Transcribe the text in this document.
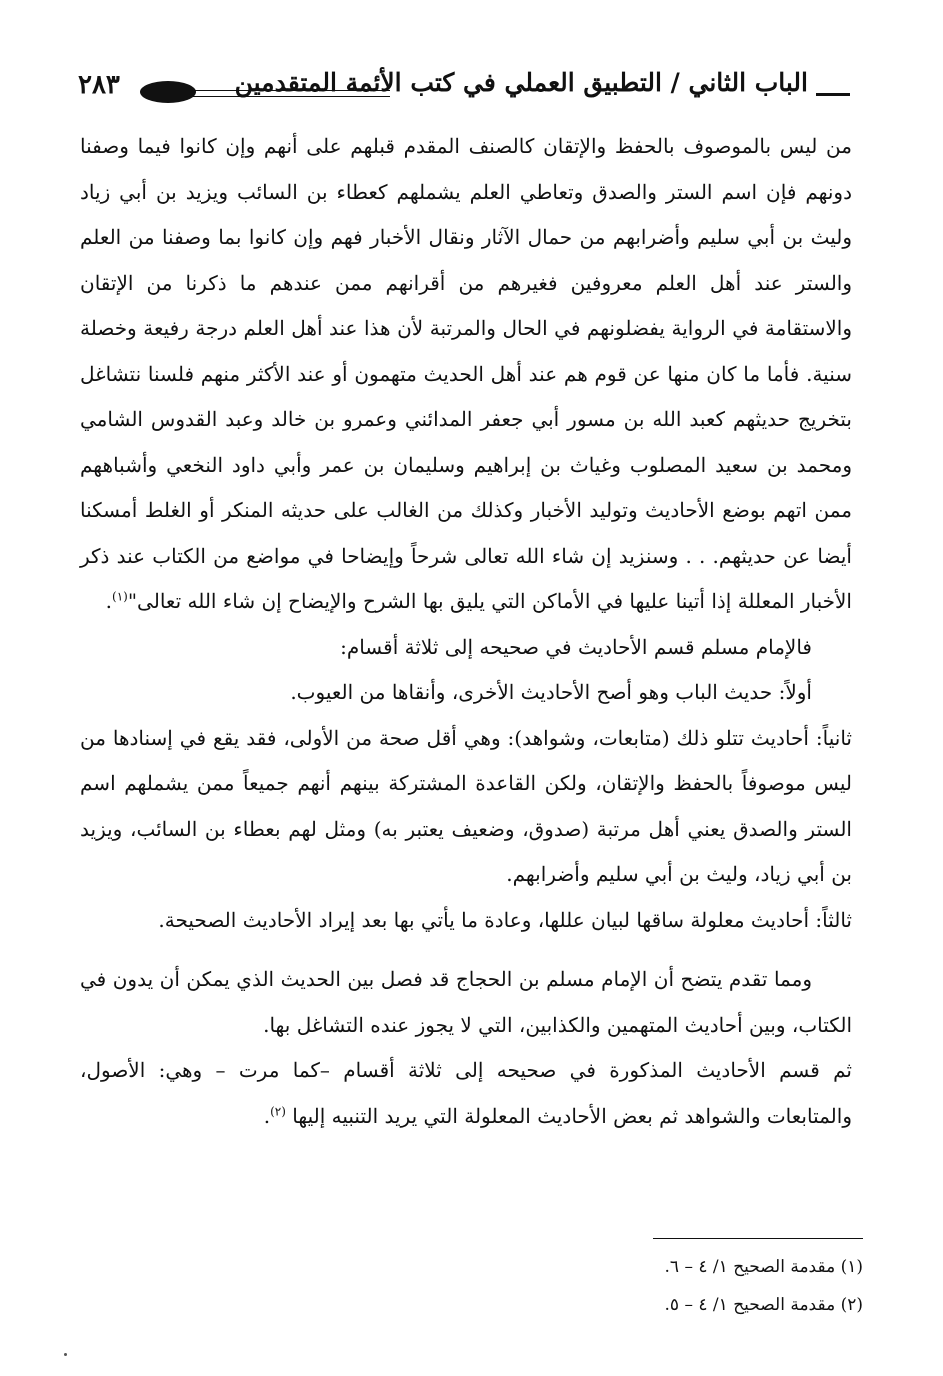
الباب الثاني / التطبيق العملي في كتب الأئمة المتقدمين
٢٨٣

من ليس بالموصوف بالحفظ والإتقان كالصنف المقدم قبلهم على أنهم وإن كانوا فيما وصفنا دونهم فإن اسم الستر والصدق وتعاطي العلم يشملهم كعطاء بن السائب ويزيد بن أبي زياد وليث بن أبي سليم وأضرابهم من حمال الآثار ونقال الأخبار فهم وإن كانوا بما وصفنا من العلم والستر عند أهل العلم معروفين فغيرهم من أقرانهم ممن عندهم ما ذكرنا من الإتقان والاستقامة في الرواية يفضلونهم في الحال والمرتبة لأن هذا عند أهل العلم درجة رفيعة وخصلة سنية. فأما ما كان منها عن قوم هم عند أهل الحديث متهمون أو عند الأكثر منهم فلسنا نتشاغل بتخريج حديثهم كعبد الله بن مسور أبي جعفر المدائني وعمرو بن خالد وعبد القدوس الشامي ومحمد بن سعيد المصلوب وغياث بن إبراهيم وسليمان بن عمر وأبي داود النخعي وأشباههم ممن اتهم بوضع الأحاديث وتوليد الأخبار وكذلك من الغالب على حديثه المنكر أو الغلط أمسكنا أيضا عن حديثهم. . . وسنزيد إن شاء الله تعالى شرحاً وإيضاحا في مواضع من الكتاب عند ذكر الأخبار المعللة إذا أتينا عليها في الأماكن التي يليق بها الشرح والإيضاح إن شاء الله تعالى"$^{(١)}$.

فالإمام مسلم قسم الأحاديث في صحيحه إلى ثلاثة أقسام:

أولاً: حديث الباب وهو أصح الأحاديث الأخرى، وأنقاها من العيوب.

ثانياً: أحاديث تتلو ذلك (متابعات، وشواهد): وهي أقل صحة من الأولى، فقد يقع في إسنادها من ليس موصوفاً بالحفظ والإتقان، ولكن القاعدة المشتركة بينهم أنهم جميعاً ممن يشملهم اسم الستر والصدق يعني أهل مرتبة (صدوق، وضعيف يعتبر به) ومثل لهم بعطاء بن السائب، ويزيد بن أبي زياد، وليث بن أبي سليم وأضرابهم.

ثالثاً: أحاديث معلولة ساقها لبيان عللها، وعادة ما يأتي بها بعد إيراد الأحاديث الصحيحة.

ومما تقدم يتضح أن الإمام مسلم بن الحجاج قد فصل بين الحديث الذي يمكن أن يدون في الكتاب، وبين أحاديث المتهمين والكذابين، التي لا يجوز عنده التشاغل بها.

ثم قسم الأحاديث المذكورة في صحيحه إلى ثلاثة أقسام –كما مرت – وهي: الأصول، والمتابعات والشواهد ثم بعض الأحاديث المعلولة التي يريد التنبيه إليها $^{(٢)}$.

(١) مقدمة الصحيح ١/ ٤ – ٦.

(٢) مقدمة الصحيح ١/ ٤ – ٥.
